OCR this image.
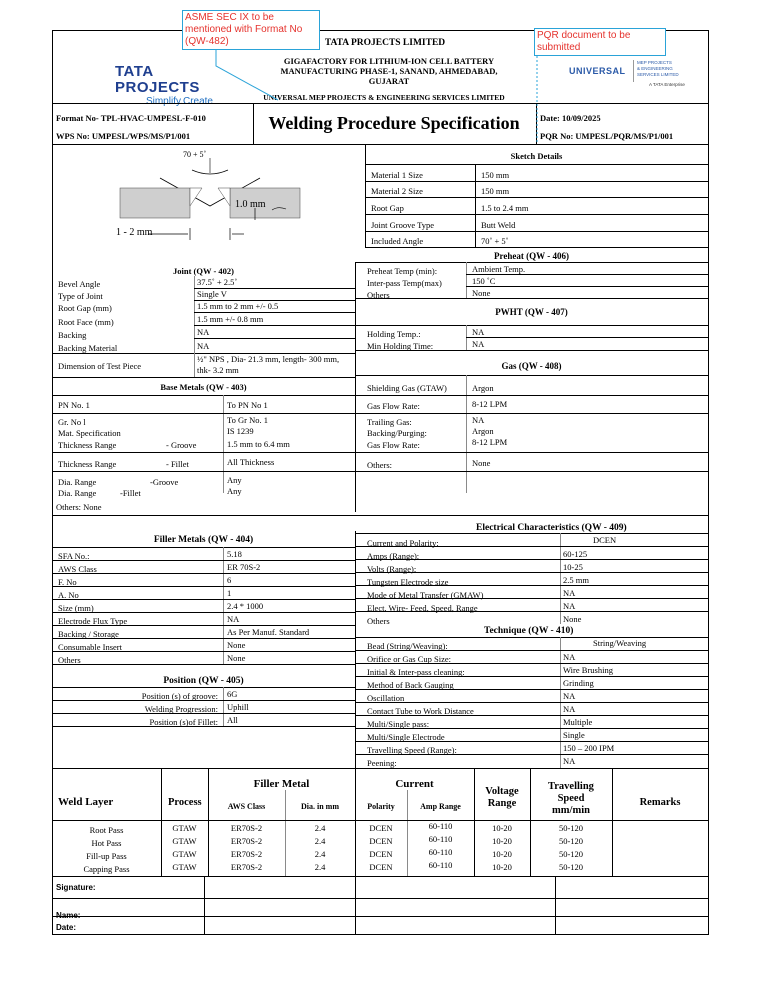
TATA PROJECTS LIMITED
TATA PROJECTS
Simplify.Create
GIGAFACTORY FOR LITHIUM-ION CELL BATTERY
MANUFACTURING PHASE-1, SANAND, AHMEDABAD,
GUJARAT
UNIVERSAL
MEP PROJECTS
& ENGINEERING
SERVICES LIMITED
A TATA Enterprise
UNIVERSAL MEP PROJECTS & ENGINEERING SERVICES LIMITED
Format No- TPL-HVAC-UMPESL-F-010
WPS No: UMPESL/WPS/MS/P1/001
Welding Procedure Specification	Date: 10/09/2025
PQR No: UMPESL/PQR/MS/P1/001
70 + 5˚
1.0 mm
1 - 2 mm
Sketch Details
Material 1 Size	150 mm
Material 2 Size	150 mm
Root Gap	1.5 to 2.4 mm
Joint Groove Type	Butt Weld
Included Angle	70˚ + 5˚
Joint (QW - 402)
Bevel Angle	37.5˚ + 2.5˚
Type of Joint	Single V
Root Gap (mm)	1.5 mm to 2 mm +/- 0.5
Root Face (mm)	1.5 mm +/- 0.8 mm
Backing	NA
Backing Material	NA
Dimension of Test Piece
½" NPS , Dia- 21.3 mm, length- 300 mm,
thk- 3.2 mm
Base Metals (QW - 403)
PN No. 1	To PN No 1
Gr. No l	To Gr No. 1
Mat. Specification	IS 1239
Thickness Range	- Groove	1.5 mm to 6.4 mm
Thickness Range	- Fillet	All Thickness
Dia. Range	-Groove	Any
Dia. Range	-Fillet	Any
Others: None
Preheat (QW - 406)
Preheat Temp (min):	Ambient Temp.
Inter-pass Temp(max)	150 ˚C
Others	None
PWHT (QW - 407)
Holding Temp.:	NA
Min Holding Time:	NA
Gas (QW - 408)
Shielding Gas (GTAW)	Argon
Gas Flow Rate:	8-12 LPM
Trailing Gas:	NA
Backing/Purging:	Argon
Gas Flow Rate:	8-12 LPM
Others:	None
Electrical Characteristics (QW - 409)
Current and Polarity:	DCEN
Amps (Range):	60-125
Volts (Range):	10-25
Tungsten Electrode size	2.5 mm
Mode of Metal Transfer (GMAW)	NA
Elect. Wire- Feed, Speed, Range	NA
Others	None
Technique (QW - 410)
Bead (String/Weaving):	String/Weaving
Orifice or Gas Cup Size:	NA
Initial & Inter-pass cleaning:	Wire Brushing
Method of Back Gauging	Grinding
Oscillation	NA
Contact Tube to Work Distance	NA
Multi/Single pass:	Multiple
Multi/Single Electrode	Single
Travelling Speed (Range):	150 – 200 IPM
Peening:	NA
Filler Metals (QW - 404)
SFA No.:	5.18
AWS Class	ER 70S-2
F. No	6
A. No	1
Size (mm)	2.4 * 1000
Electrode Flux Type	NA
Backing / Storage	As Per Manuf. Standard
Consumable Insert	None
Others	None
Position (QW - 405)
Position (s) of groove: 6G
Welding Progression: Uphill
Position (s)of Fillet: All
Weld Layer	Process
Filler Metal
AWS Class	Dia. in mm
Current
Polarity	Amp Range
Voltage
Range
Travelling
Speed
mm/min
Remarks
Root Pass	GTAW	ER70S-2	2.4	DCEN	60-110	10-20	50-120
Hot Pass	GTAW	ER70S-2	2.4	DCEN	60-110	10-20	50-120
Fill-up Pass	GTAW	ER70S-2	2.4	DCEN	60-110	10-20	50-120
Capping Pass	GTAW	ER70S-2	2.4	DCEN	60-110	10-20	50-120
Signature:
Name:
Date:
ASME SEC IX to be
mentioned with Format No
(QW-482)
PQR document to be
submitted
